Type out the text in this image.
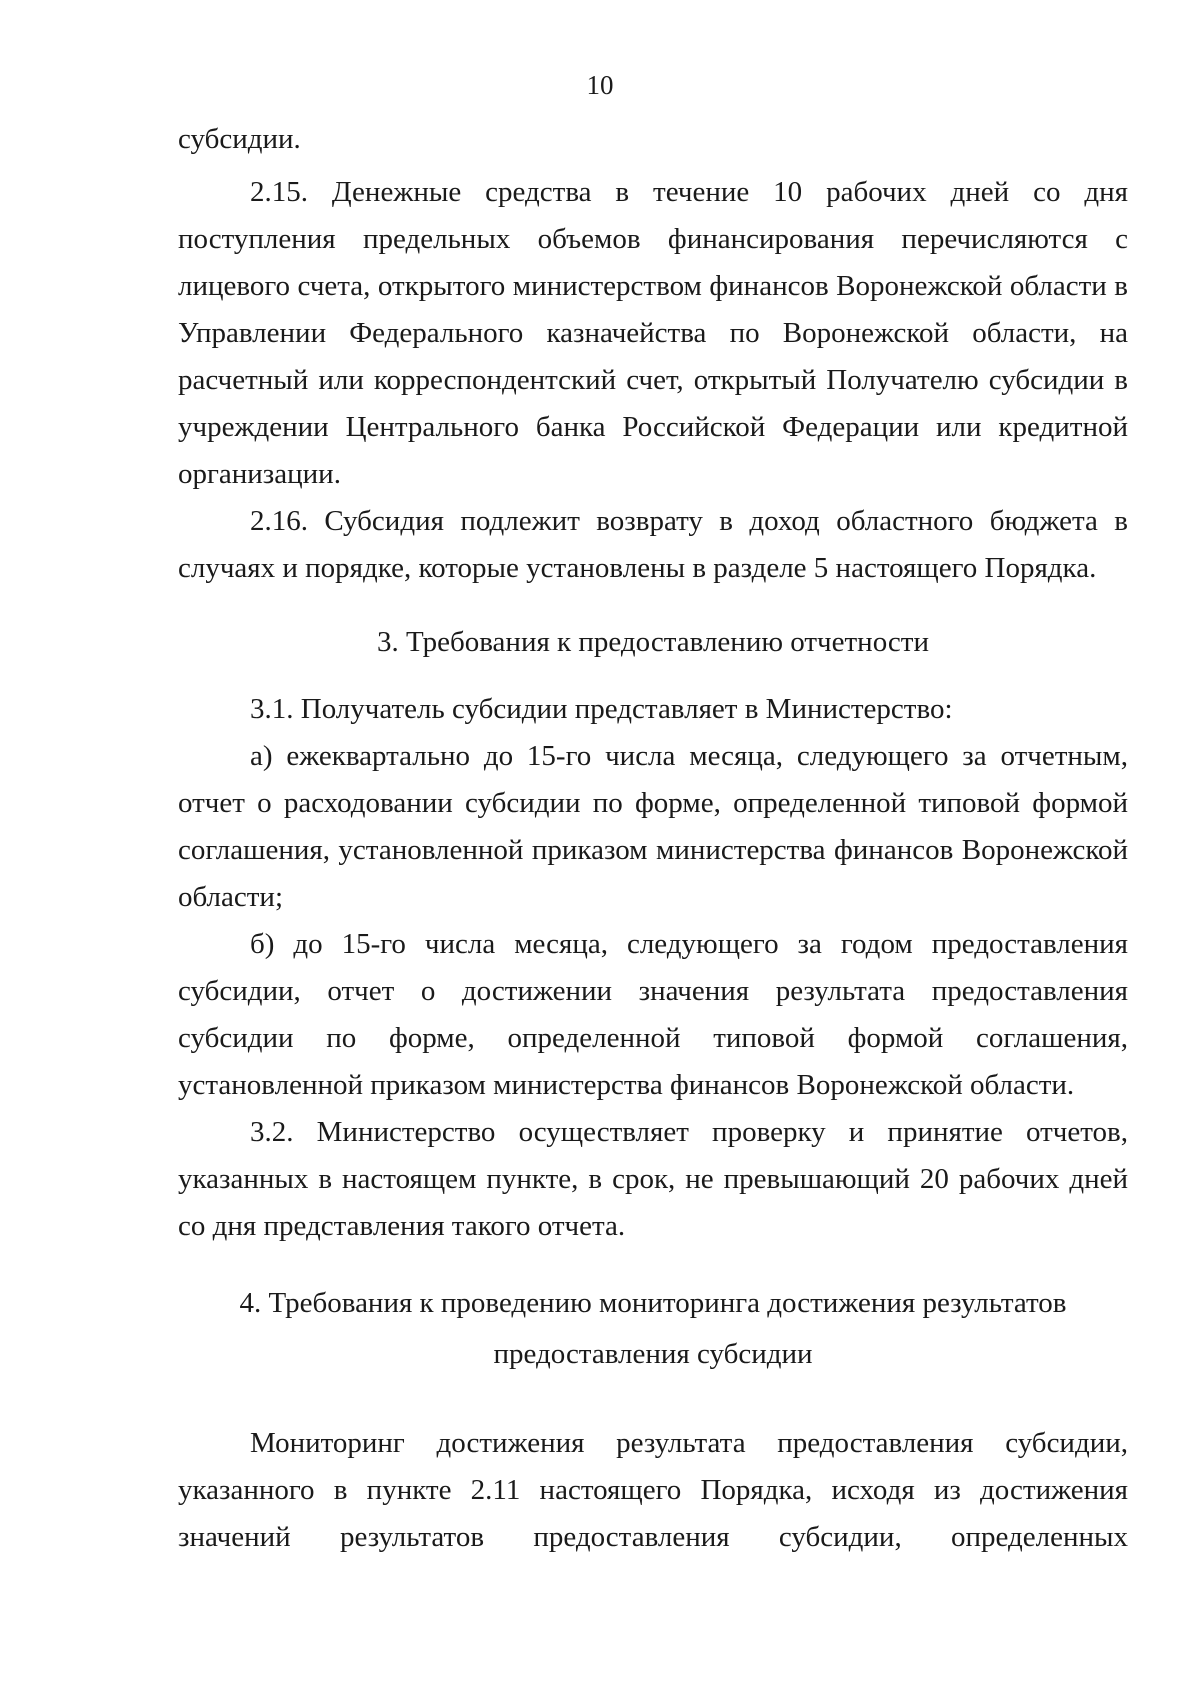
10

субсидии.

2.15. Денежные средства в течение 10 рабочих дней со дня поступления предельных объемов финансирования перечисляются с лицевого счета, открытого министерством финансов Воронежской области в Управлении Федерального казначейства по Воронежской области, на расчетный или корреспондентский счет, открытый Получателю субсидии в учреждении Центрального банка Российской Федерации или кредитной организации.

2.16. Субсидия подлежит возврату в доход областного бюджета в случаях и порядке, которые установлены в разделе 5 настоящего Порядка.

3. Требования к предоставлению отчетности

3.1. Получатель субсидии представляет в Министерство:

а) ежеквартально до 15-го числа месяца, следующего за отчетным, отчет о расходовании субсидии по форме, определенной типовой формой соглашения, установленной приказом министерства финансов Воронежской области;

б) до 15-го числа месяца, следующего за годом предоставления субсидии, отчет о достижении значения результата предоставления субсидии по форме, определенной типовой формой соглашения, установленной приказом министерства финансов Воронежской области.

3.2. Министерство осуществляет проверку и принятие отчетов, указанных в настоящем пункте, в срок, не превышающий 20 рабочих дней со дня представления такого отчета.

4. Требования к проведению мониторинга достижения результатов
предоставления субсидии

Мониторинг достижения результата предоставления субсидии, указанного в пункте 2.11 настоящего Порядка, исходя из достижения значений результатов предоставления субсидии, определенных
